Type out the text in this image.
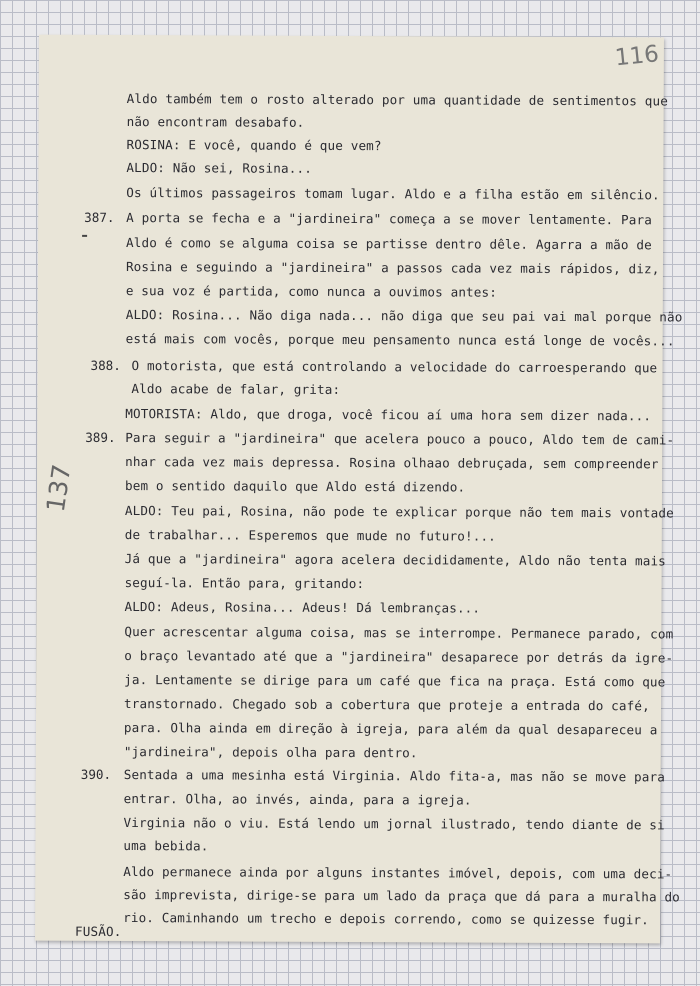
116
137
387.
388.
389.
390.
Aldo também tem o rosto alterado por uma quantidade de sentimentos que
não encontram desabafo.
ROSINA: E você, quando é que vem?
ALDO: Não sei, Rosina...
Os últimos passageiros tomam lugar. Aldo e a filha estão em silêncio.
A porta se fecha e a "jardineira" começa a se mover lentamente. Para
Aldo é como se alguma coisa se partisse dentro dêle. Agarra a mão de
Rosina e seguindo a "jardineira" a passos cada vez mais rápidos, diz,
e sua voz é partida, como nunca a ouvimos antes:
ALDO: Rosina... Não diga nada... não diga que seu pai vai mal porque não
está mais com vocês, porque meu pensamento nunca está longe de vocês...
O motorista, que está controlando a velocidade do carroesperando que
Aldo acabe de falar, grita:
MOTORISTA: Aldo, que droga, você ficou aí uma hora sem dizer nada...
Para seguir a "jardineira" que acelera pouco a pouco, Aldo tem de cami-
nhar cada vez mais depressa. Rosina olhaao debruçada, sem compreender
bem o sentido daquilo que Aldo está dizendo.
ALDO: Teu pai, Rosina, não pode te explicar porque não tem mais vontade
de trabalhar... Esperemos que mude no futuro!...
Já que a "jardineira" agora acelera decididamente, Aldo não tenta mais
seguí-la. Então para, gritando:
ALDO: Adeus, Rosina... Adeus! Dá lembranças...
Quer acrescentar alguma coisa, mas se interrompe. Permanece parado, com
o braço levantado até que a "jardineira" desaparece por detrás da igre-
ja. Lentamente se dirige para um café que fica na praça. Está como que
transtornado. Chegado sob a cobertura que proteje a entrada do café,
para. Olha ainda em direção à igreja, para além da qual desapareceu a
"jardineira", depois olha para dentro.
Sentada a uma mesinha está Virginia. Aldo fita-a, mas não se move para
entrar. Olha, ao invés, ainda, para a igreja.
Virginia não o viu. Está lendo um jornal ilustrado, tendo diante de si
uma bebida.
Aldo permanece ainda por alguns instantes imóvel, depois, com uma deci-
são imprevista, dirige-se para um lado da praça que dá para a muralha do
rio. Caminhando um trecho e depois correndo, como se quizesse fugir.
FUSÃO.
